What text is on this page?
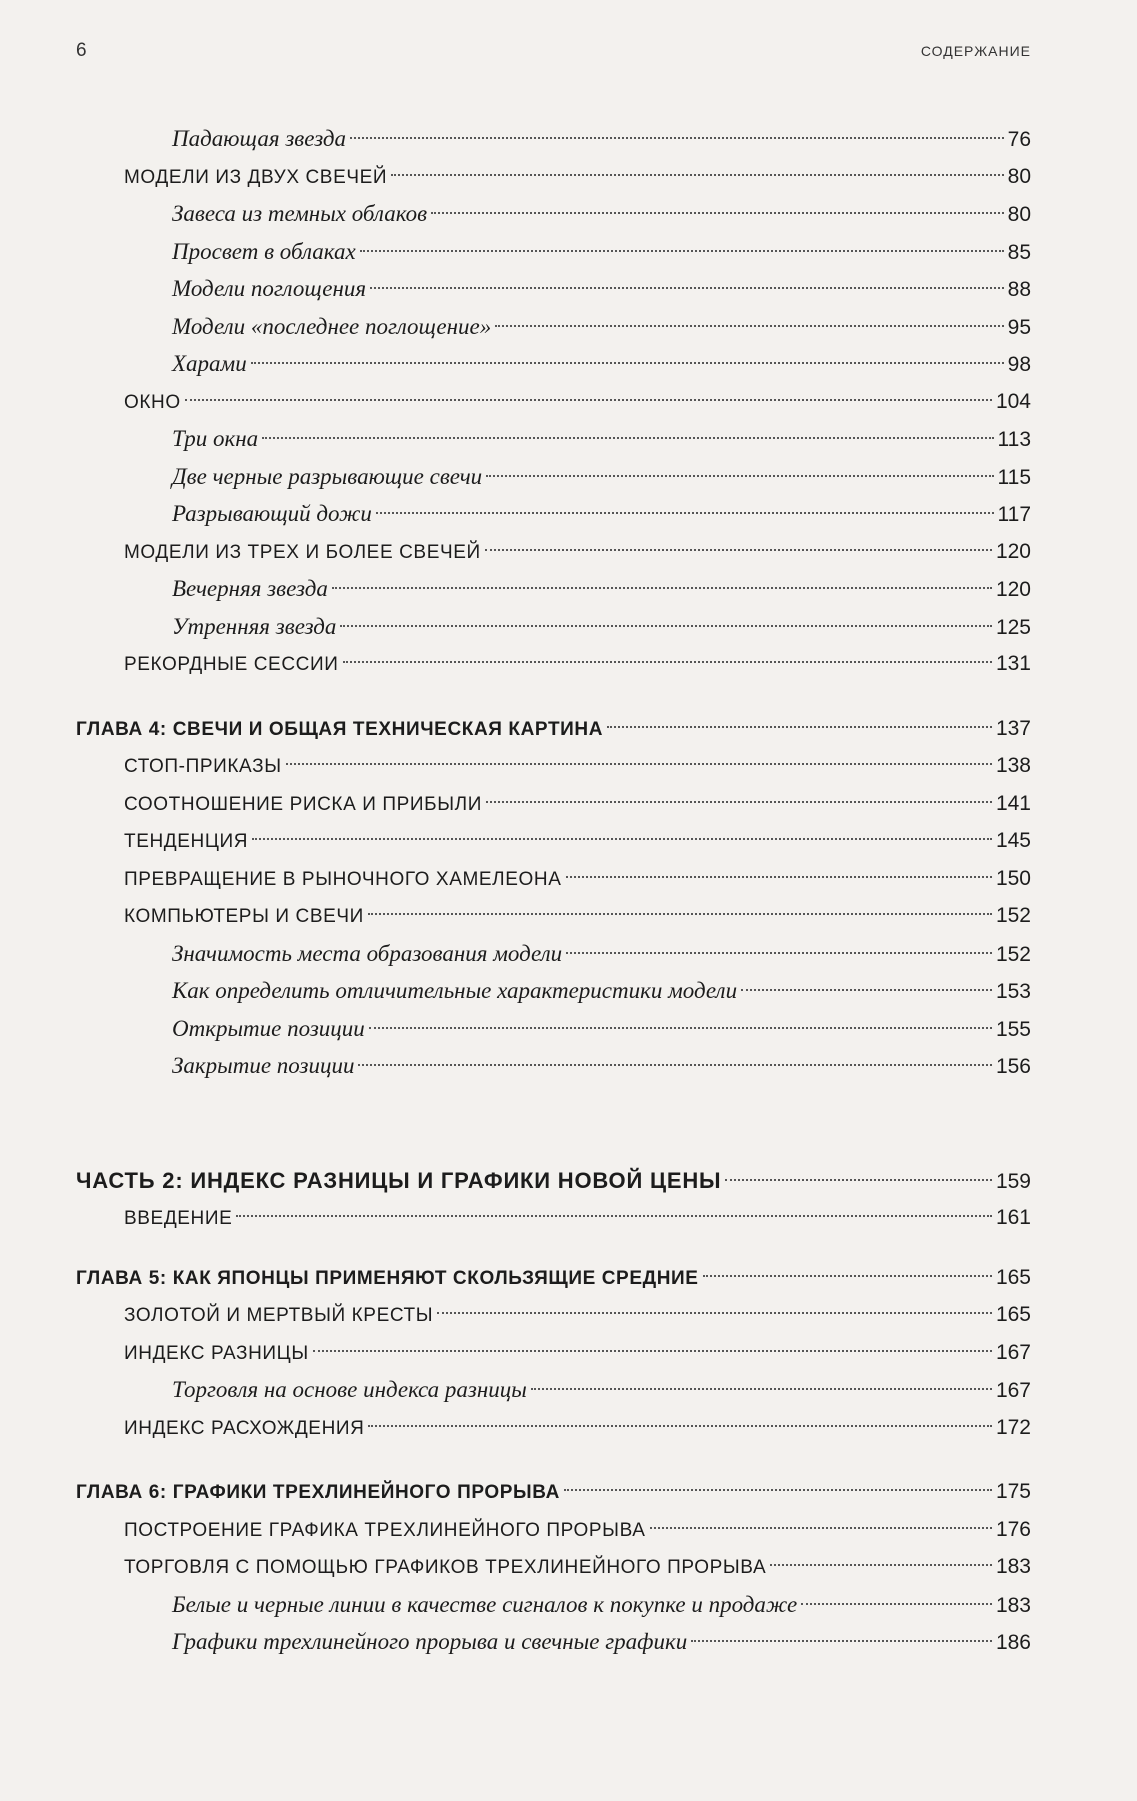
6	СОДЕРЖАНИЕ
Падающая звезда	76
МОДЕЛИ ИЗ ДВУХ СВЕЧЕЙ	80
Завеса из темных облаков	80
Просвет в облаках	85
Модели поглощения	88
Модели «последнее поглощение»	95
Харами	98
ОКНО	104
Три окна	113
Две черные разрывающие свечи	115
Разрывающий дожи	117
МОДЕЛИ ИЗ ТРЕХ И БОЛЕЕ СВЕЧЕЙ	120
Вечерняя звезда	120
Утренняя звезда	125
РЕКОРДНЫЕ СЕССИИ	131
ГЛАВА 4: СВЕЧИ И ОБЩАЯ ТЕХНИЧЕСКАЯ КАРТИНА	137
СТОП-ПРИКАЗЫ	138
СООТНОШЕНИЕ РИСКА И ПРИБЫЛИ	141
ТЕНДЕНЦИЯ	145
ПРЕВРАЩЕНИЕ В РЫНОЧНОГО ХАМЕЛЕОНА	150
КОМПЬЮТЕРЫ И СВЕЧИ	152
Значимость места образования модели	152
Как определить отличительные характеристики модели	153
Открытие позиции	155
Закрытие позиции	156
ЧАСТЬ 2: ИНДЕКС РАЗНИЦЫ И ГРАФИКИ НОВОЙ ЦЕНЫ	159
ВВЕДЕНИЕ	161
ГЛАВА 5: КАК ЯПОНЦЫ ПРИМЕНЯЮТ СКОЛЬЗЯЩИЕ СРЕДНИЕ	165
ЗОЛОТОЙ И МЕРТВЫЙ КРЕСТЫ	165
ИНДЕКС РАЗНИЦЫ	167
Торговля на основе индекса разницы	167
ИНДЕКС РАСХОЖДЕНИЯ	172
ГЛАВА 6: ГРАФИКИ ТРЕХЛИНЕЙНОГО ПРОРЫВА	175
ПОСТРОЕНИЕ ГРАФИКА ТРЕХЛИНЕЙНОГО ПРОРЫВА	176
ТОРГОВЛЯ С ПОМОЩЬЮ ГРАФИКОВ ТРЕХЛИНЕЙНОГО ПРОРЫВА	183
Белые и черные линии в качестве сигналов к покупке и продаже	183
Графики трехлинейного прорыва и свечные графики	186
